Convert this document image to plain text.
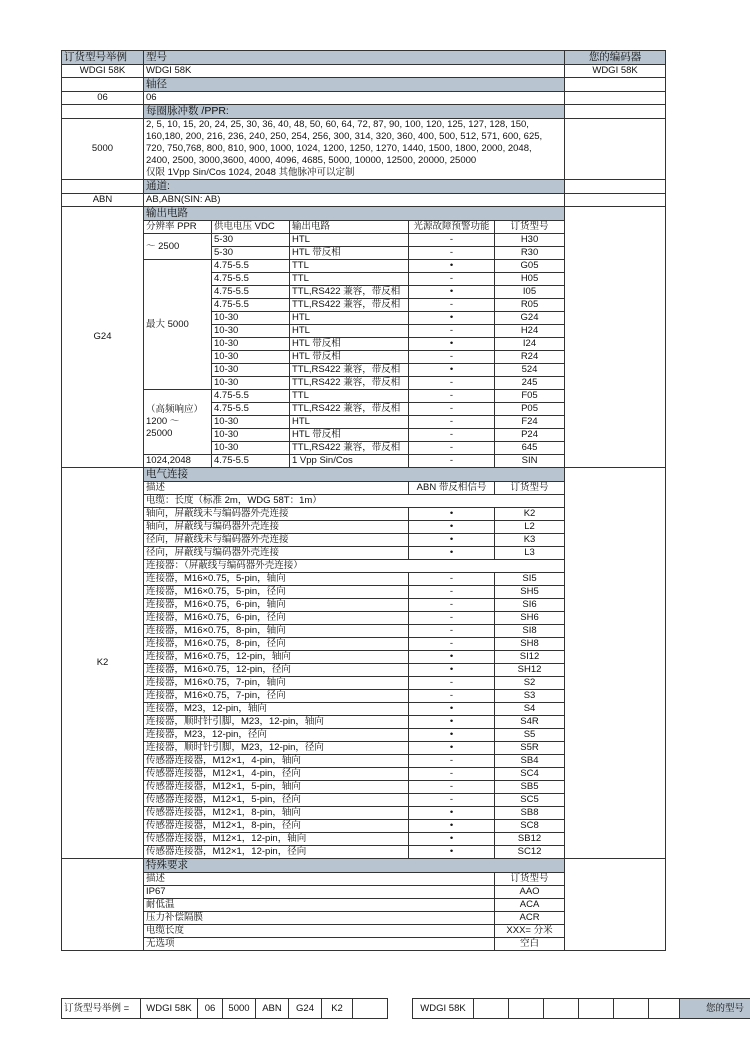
订货型号举例	型号					您的编码器
WDGI 58K	WDGI 58K					WDGI 58K
	轴径					
06	06					
	每圈脉冲数 /PPR:					
5000	2, 5, 10, 15, 20, 24, 25, 30, 36, 40, 48, 50, 60, 64, 72, 87, 90, 100, 120, 125, 127, 128, 150,
160,180, 200, 216, 236, 240, 250, 254, 256, 300, 314, 320, 360, 400, 500, 512, 571, 600, 625,
720, 750,768, 800, 810, 900, 1000, 1024, 1200, 1250, 1270, 1440, 1500, 1800, 2000, 2048,
2400, 2500, 3000,3600, 4000, 4096, 4685, 5000, 10000, 12500, 20000, 25000
仅限 1Vpp Sin/Cos 1024, 2048 其他脉冲可以定制					

	通道:					
ABN	AB,ABN(SIN: AB)					
G24	输出电路					
	分辨率 PPR	供电电压 VDC	输出电路	光源故障预警功能	订货型号	

	～ 2500	5-30	HTL	-	H30	
		5-30	HTL 带反相	-	R30	

	最大 5000	4.75-5.5	TTL	•	G05	
		4.75-5.5	TTL	-	H05	
		4.75-5.5	TTL,RS422 兼容，带反相	•	I05	
		4.75-5.5	TTL,RS422 兼容，带反相	-	R05	
		10-30	HTL	•	G24	
		10-30	HTL	-	H24	
		10-30	HTL 带反相	•	I24	
		10-30	HTL 带反相	-	R24	
		10-30	TTL,RS422 兼容，带反相	•	524	
		10-30	TTL,RS422 兼容，带反相	-	245	

	（高频响应）
1200 ～
25000	4.75-5.5	TTL	-	F05	
		4.75-5.5	TTL,RS422 兼容，带反相	-	P05	
		10-30	HTL	-	F24	
		10-30	HTL 带反相	-	P24	
		10-30	TTL,RS422 兼容，带反相	-	645	

	1024,2048	4.75-5.5	1 Vpp Sin/Cos	-	SIN	
K2	电气连接					
	描述			ABN 带反相信号	订货型号	
	电缆：长度（标准 2m，WDG 58T：1m）					
	轴向，屏蔽线未与编码器外壳连接			•	K2	
	轴向，屏蔽线与编码器外壳连接			•	L2	
	径向，屏蔽线未与编码器外壳连接			•	K3	
	径向，屏蔽线与编码器外壳连接			•	L3	
	连接器：（屏蔽线与编码器外壳连接）					
	连接器，M16×0.75，5-pin，轴向			-	SI5	
	连接器，M16×0.75，5-pin，径向			-	SH5	
	连接器，M16×0.75，6-pin，轴向			-	SI6	
	连接器，M16×0.75，6-pin，径向			-	SH6	
	连接器，M16×0.75，8-pin，轴向			-	SI8	
	连接器，M16×0.75，8-pin，径向			-	SH8	
	连接器，M16×0.75，12-pin，轴向			•	SI12	
	连接器，M16×0.75，12-pin，径向			•	SH12	
	连接器，M16×0.75，7-pin，轴向			-	S2	
	连接器，M16×0.75，7-pin，径向			-	S3	
	连接器，M23，12-pin，轴向			•	S4	
	连接器，顺时针引脚，M23，12-pin，轴向			•	S4R	
	连接器，M23，12-pin，径向			•	S5	
	连接器，顺时针引脚，M23，12-pin，径向			•	S5R	
	传感器连接器，M12×1，4-pin，轴向			-	SB4	
	传感器连接器，M12×1，4-pin，径向			-	SC4	
	传感器连接器，M12×1，5-pin，轴向			-	SB5	
	传感器连接器，M12×1，5-pin，径向			-	SC5	
	传感器连接器，M12×1，8-pin，轴向			•	SB8	
	传感器连接器，M12×1，8-pin，径向			•	SC8	
	传感器连接器，M12×1，12-pin，轴向			•	SB12	
	传感器连接器，M12×1，12-pin，径向			•	SC12	
	特殊要求					
	描述				订货型号	
	IP67				AAO	
	耐低温				ACA	
	压力补偿隔膜				ACR	
	电缆长度				XXX= 分米	
	无选项				空白	
订货型号举例 =	WDGI 58K	06	5000	ABN	G24	K2			WDGI 58K							您的型号
